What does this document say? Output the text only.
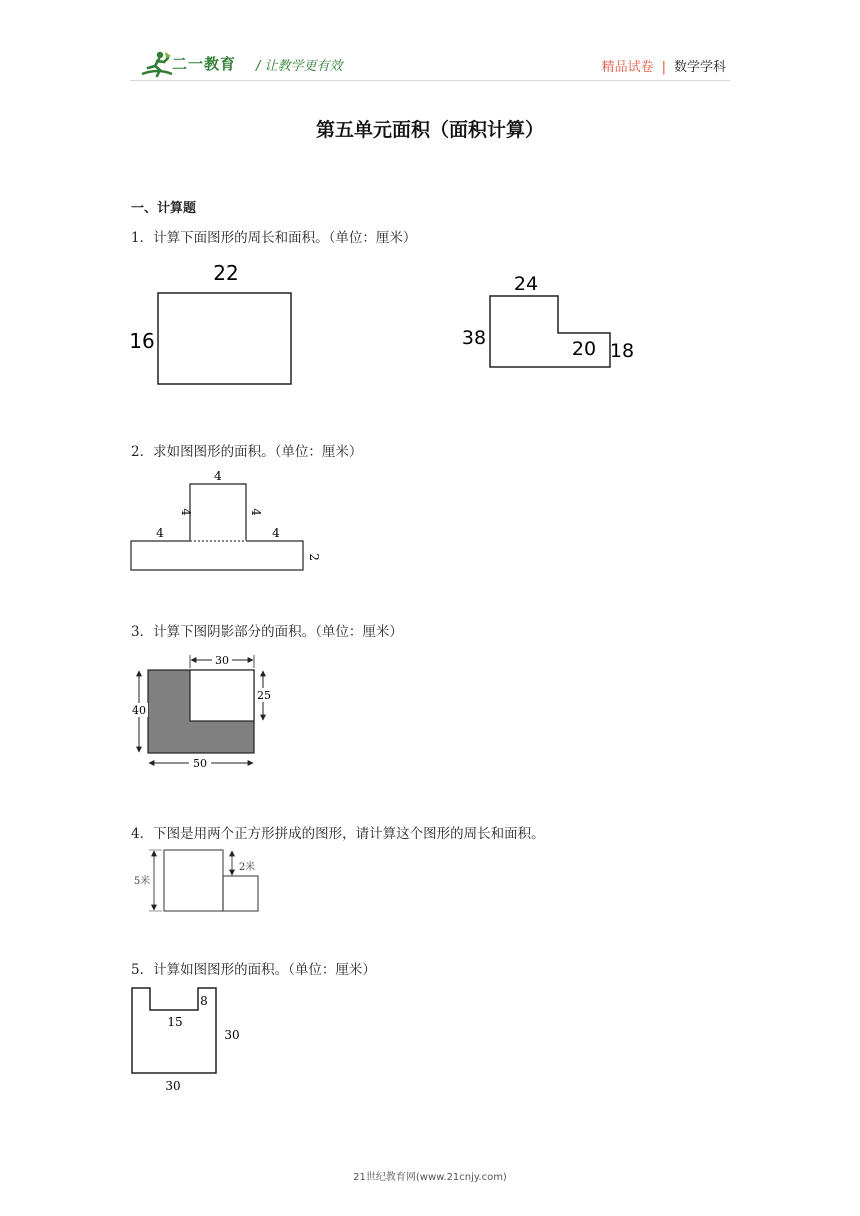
二一教育 / 让教学更有效	精品试卷 | 数学学科
第五单元面积（面积计算）
一、计算题
1．计算下面图形的周长和面积。（单位：厘米）
2．求如图图形的面积。（单位：厘米）
3．计算下图阴影部分的面积。（单位：厘米）
4．下图是用两个正方形拼成的图形，请计算这个图形的周长和面积。
5．计算如图图形的面积。（单位：厘米）
22
16
24
38	20 18
4
4	4
4	4
2
30
40
25
50
5米
2米
8
15
30
30
21世纪教育网(www.21cnjy.com)
